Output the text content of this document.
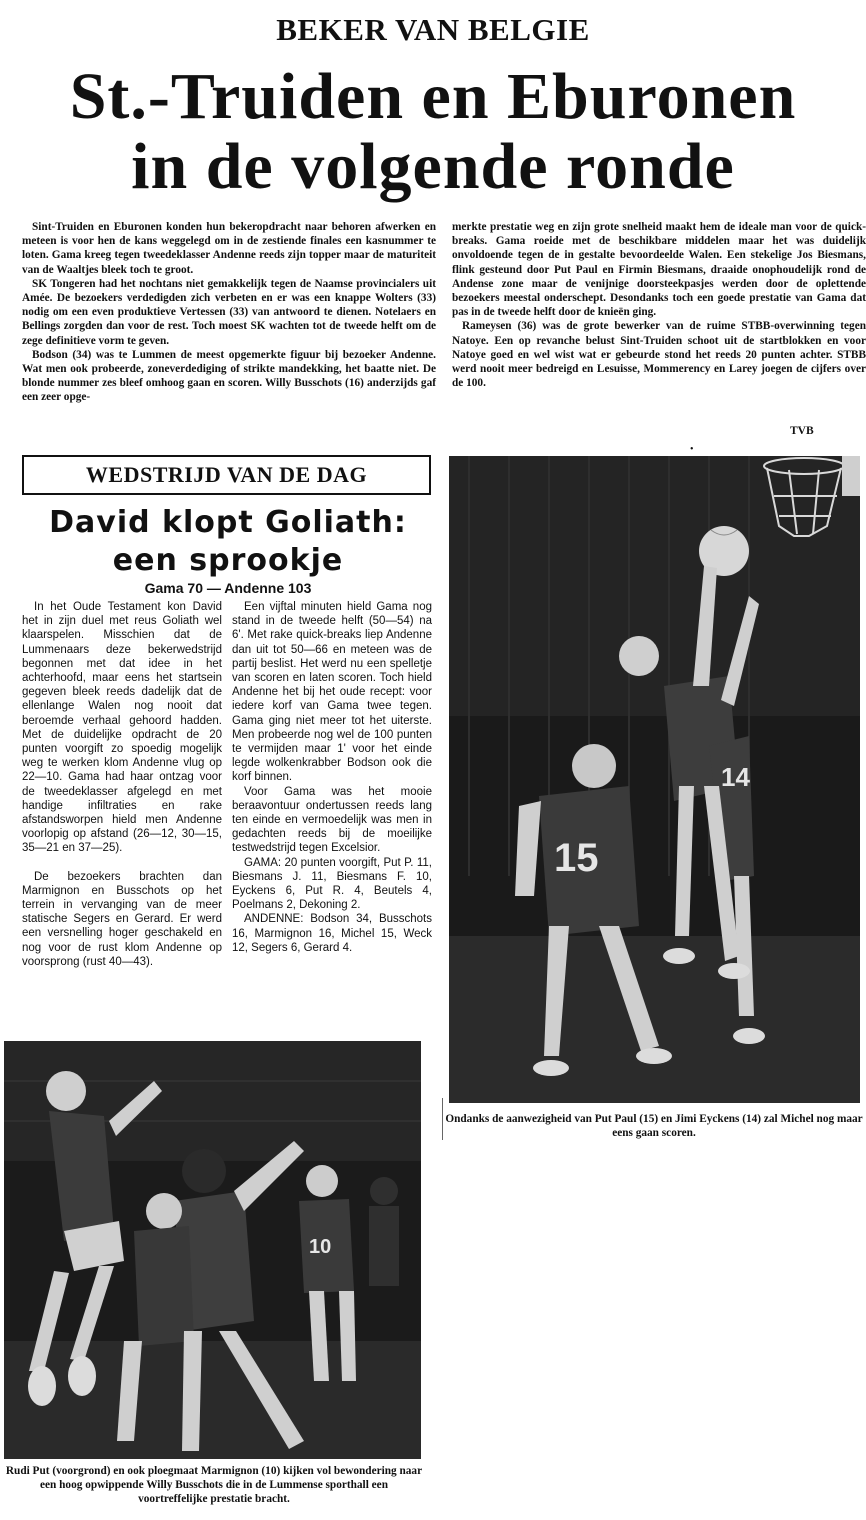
BEKER VAN BELGIE
St.-Truiden en Eburonen
in de volgende ronde

Sint-Truiden en Eburonen konden hun bekeropdracht naar behoren afwerken en meteen is voor hen de kans weggelegd om in de zestiende finales een kasnummer te loten. Gama kreeg tegen tweedeklasser Andenne reeds zijn topper maar de maturiteit van de Waaltjes bleek toch te groot.

SK Tongeren had het nochtans niet gemakkelijk tegen de Naamse provincialers uit Amée. De bezoekers verdedigden zich verbeten en er was een knappe Wolters (33) nodig om een even produktieve Vertessen (33) van antwoord te dienen. Notelaers en Bellings zorgden dan voor de rest. Toch moest SK wachten tot de tweede helft om de zege definitieve vorm te geven.

Bodson (34) was te Lummen de meest opgemerkte figuur bij bezoeker Andenne. Wat men ook probeerde, zoneverdediging of strikte mandekking, het baatte niet. De blonde nummer zes bleef omhoog gaan en scoren. Willy Busschots (16) anderzijds gaf een zeer opge-

merkte prestatie weg en zijn grote snelheid maakt hem de ideale man voor de quick-breaks. Gama roeide met de beschikbare middelen maar het was duidelijk onvoldoende tegen de in gestalte bevoordeelde Walen. Een stekelige Jos Biesmans, flink gesteund door Put Paul en Firmin Biesmans, draaide onophoudelijk rond de Andense zone maar de venijnige doorsteekpasjes werden door de oplettende bezoekers meestal onderschept. Desondanks toch een goede prestatie van Gama dat pas in de tweede helft door de knieën ging.

Rameysen (36) was de grote bewerker van de ruime STBB-overwinning tegen Natoye. Een op revanche belust Sint-Truiden schoot uit de startblokken en voor Natoye goed en wel wist wat er gebeurde stond het reeds 20 punten achter. STBB werd nooit meer bedreigd en Lesuisse, Mommerency en Larey joegen de cijfers over de 100.

TVB
•
WEDSTRIJD VAN DE DAG
David klopt Goliath:
een sprookje
Gama 70 — Andenne 103

In het Oude Testament kon David het in zijn duel met reus Goliath wel klaarspelen. Misschien dat de Lummenaars deze bekerwedstrijd begonnen met dat idee in het achterhoofd, maar eens het startsein gegeven bleek reeds dadelijk dat de ellenlange Walen nog nooit dat beroemde verhaal gehoord hadden. Met de duidelijke opdracht de 20 punten voorgift zo spoedig mogelijk weg te werken klom Andenne vlug op 22—10. Gama had haar ontzag voor de tweedeklasser afgelegd en met handige infiltraties en rake afstandsworpen hield men Andenne voorlopig op afstand (26—12, 30—15, 35—21 en 37—25).

De bezoekers brachten dan Marmignon en Busschots op het terrein in vervanging van de meer statische Segers en Gerard. Er werd een versnelling hoger geschakeld en nog voor de rust klom Andenne op voorsprong (rust 40—43).

Een vijftal minuten hield Gama nog stand in de tweede helft (50—54) na 6'. Met rake quick-breaks liep Andenne dan uit tot 50—66 en meteen was de partij beslist. Het werd nu een spelletje van scoren en laten scoren. Toch hield Andenne het bij het oude recept: voor iedere korf van Gama twee tegen. Gama ging niet meer tot het uiterste. Men probeerde nog wel de 100 punten te vermijden maar 1' voor het einde legde wolkenkrabber Bodson ook die korf binnen.

Voor Gama was het mooie beraavontuur ondertussen reeds lang ten einde en vermoedelijk was men in gedachten reeds bij de moeilijke testwedstrijd tegen Excelsior.

GAMA: 20 punten voorgift, Put P. 11, Biesmans J. 11, Biesmans F. 10, Eyckens 6, Put R. 4, Beutels 4, Poelmans 2, Dekoning 2.

ANDENNE: Bodson 34, Busschots 16, Marmignon 16, Michel 15, Weck 12, Segers 6, Gerard 4.

15
14
Ondanks de aanwezigheid van Put Paul (15) en Jimi Eyckens (14) zal Michel nog maar eens gaan scoren.
10
Rudi Put (voorgrond) en ook ploegmaat Marmignon (10) kijken vol bewondering naar een hoog opwippende Willy Busschots die in de Lummense sporthall een voortreffelijke prestatie bracht.
